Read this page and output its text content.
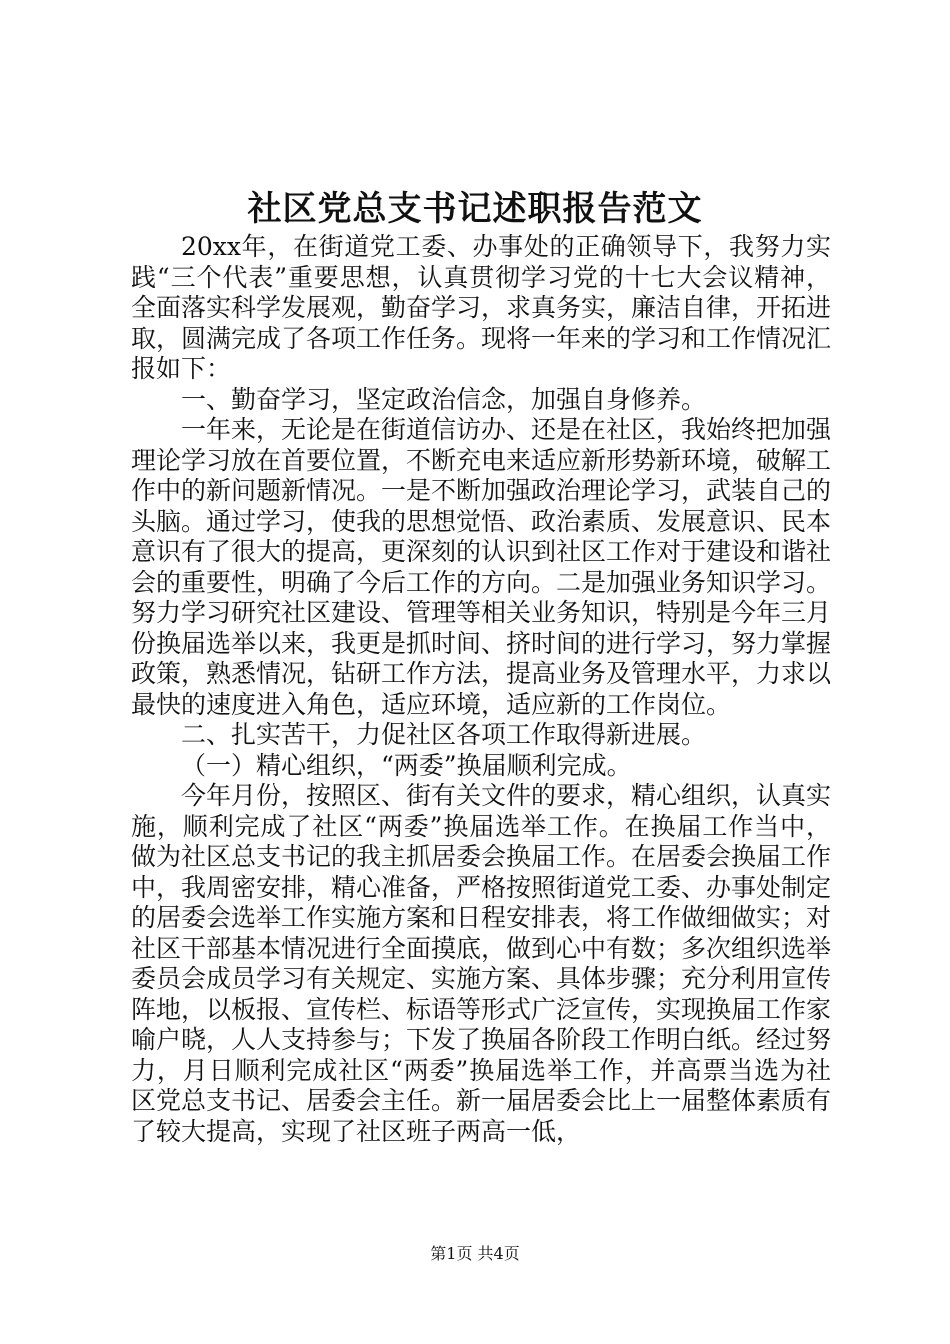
社区党总支书记述职报告范文

20xx年，在街道党工委、办事处的正确领导下，我努力实践“三个代表”重要思想，认真贯彻学习党的十七大会议精神，全面落实科学发展观，勤奋学习，求真务实，廉洁自律，开拓进取，圆满完成了各项工作任务。现将一年来的学习和工作情况汇报如下：

一、勤奋学习，坚定政治信念，加强自身修养。

一年来，无论是在街道信访办、还是在社区，我始终把加强理论学习放在首要位置，不断充电来适应新形势新环境，破解工作中的新问题新情况。一是不断加强政治理论学习，武装自己的头脑。通过学习，使我的思想觉悟、政治素质、发展意识、民本意识有了很大的提高，更深刻的认识到社区工作对于建设和谐社会的重要性，明确了今后工作的方向。二是加强业务知识学习。努力学习研究社区建设、管理等相关业务知识，特别是今年三月份换届选举以来，我更是抓时间、挤时间的进行学习，努力掌握政策，熟悉情况，钻研工作方法，提高业务及管理水平，力求以最快的速度进入角色，适应环境，适应新的工作岗位。

二、扎实苦干，力促社区各项工作取得新进展。

（一）精心组织，“两委”换届顺利完成。

今年月份，按照区、街有关文件的要求，精心组织，认真实施，顺利完成了社区“两委”换届选举工作。在换届工作当中，做为社区总支书记的我主抓居委会换届工作。在居委会换届工作中，我周密安排，精心准备，严格按照街道党工委、办事处制定的居委会选举工作实施方案和日程安排表，将工作做细做实；对社区干部基本情况进行全面摸底，做到心中有数；多次组织选举委员会成员学习有关规定、实施方案、具体步骤；充分利用宣传阵地，以板报、宣传栏、标语等形式广泛宣传，实现换届工作家喻户晓，人人支持参与；下发了换届各阶段工作明白纸。经过努力，月日顺利完成社区“两委”换届选举工作，并高票当选为社区党总支书记、居委会主任。新一届居委会比上一届整体素质有了较大提高，实现了社区班子两高一低，

第1页 共4页
